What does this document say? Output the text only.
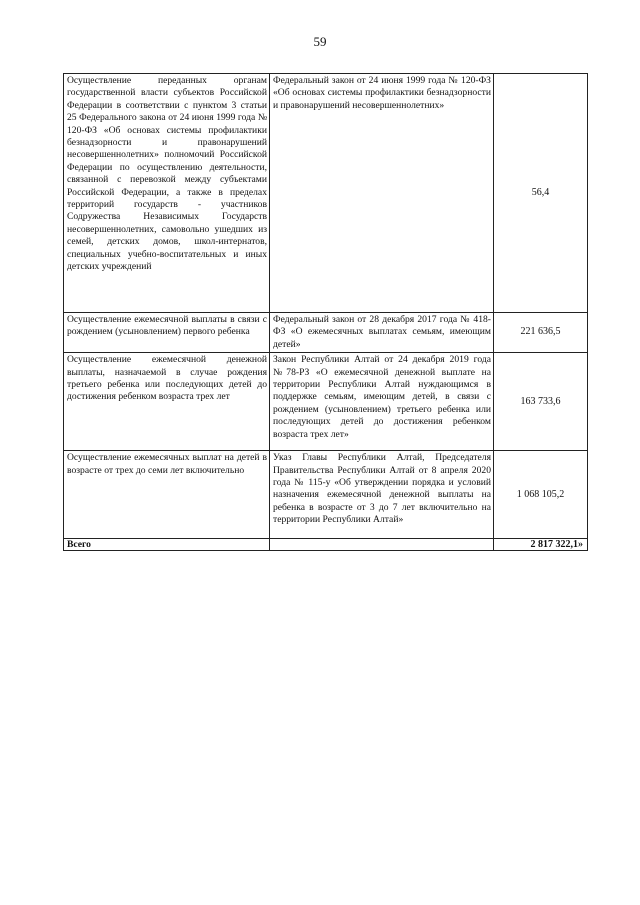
59
Осуществление переданных органам государственной власти субъектов Российской Федерации в соответствии с пунктом 3 статьи 25 Федерального закона от 24 июня 1999 года № 120-ФЗ «Об основах системы профилактики безнадзорности и правонарушений несовершеннолетних» полномочий Российской Федерации по осуществлению деятельности, связанной с перевозкой между субъектами Российской Федерации, а также в пределах территорий государств - участников Содружества Независимых Государств несовершеннолетних, самовольно ушедших из семей, детских домов, школ-интернатов, специальных учебно-воспитательных и иных детских учреждений	Федеральный закон от 24 июня 1999 года № 120-ФЗ «Об основах системы профилактики безнадзорности и правонарушений несовершеннолетних»	56,4
Осуществление ежемесячной выплаты в связи с рождением (усыновлением) первого ребенка	Федеральный закон от 28 декабря 2017 года № 418-ФЗ «О ежемесячных выплатах семьям, имеющим детей»	221 636,5
Осуществление ежемесячной денежной выплаты, назначаемой в случае рождения третьего ребенка или последующих детей до достижения ребенком возраста трех лет	Закон Республики Алтай от 24 декабря 2019 года №78-РЗ «О ежемесячной денежной выплате на территории Республики Алтай нуждающимся в поддержке семьям, имеющим детей, в связи с рождением (усыновлением) третьего ребенка или последующих детей до достижения ребенком возраста трех лет»	163 733,6
Осуществление ежемесячных выплат на детей в возрасте от трех до семи лет включительно	Указ Главы Республики Алтай, Председателя Правительства Республики Алтай от 8 апреля 2020 года № 115-у «Об утверждении порядка и условий назначения ежемесячной денежной выплаты на ребенка в возрасте от 3 до 7 лет включительно на территории Республики Алтай»	1 068 105,2
Всего		2 817 322,1»
